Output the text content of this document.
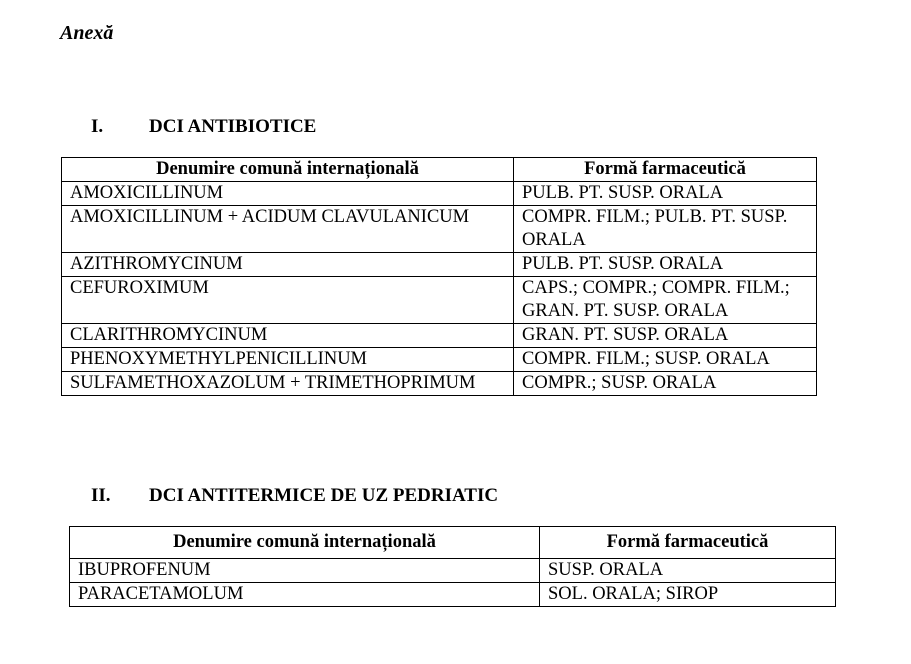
Anexă
I. DCI ANTIBIOTICE
Denumire comună internațională	Formă farmaceutică
AMOXICILLINUM	PULB. PT. SUSP. ORALA
AMOXICILLINUM + ACIDUM CLAVULANICUM	COMPR. FILM.; PULB. PT. SUSP. ORALA
AZITHROMYCINUM	PULB. PT. SUSP. ORALA
CEFUROXIMUM	CAPS.; COMPR.; COMPR. FILM.; GRAN. PT. SUSP. ORALA
CLARITHROMYCINUM	GRAN. PT. SUSP. ORALA
PHENOXYMETHYLPENICILLINUM	COMPR. FILM.; SUSP. ORALA
SULFAMETHOXAZOLUM + TRIMETHOPRIMUM	COMPR.; SUSP. ORALA
II. DCI ANTITERMICE DE UZ PEDRIATIC
Denumire comună internațională	Formă farmaceutică
IBUPROFENUM	SUSP. ORALA
PARACETAMOLUM	SOL. ORALA; SIROP
